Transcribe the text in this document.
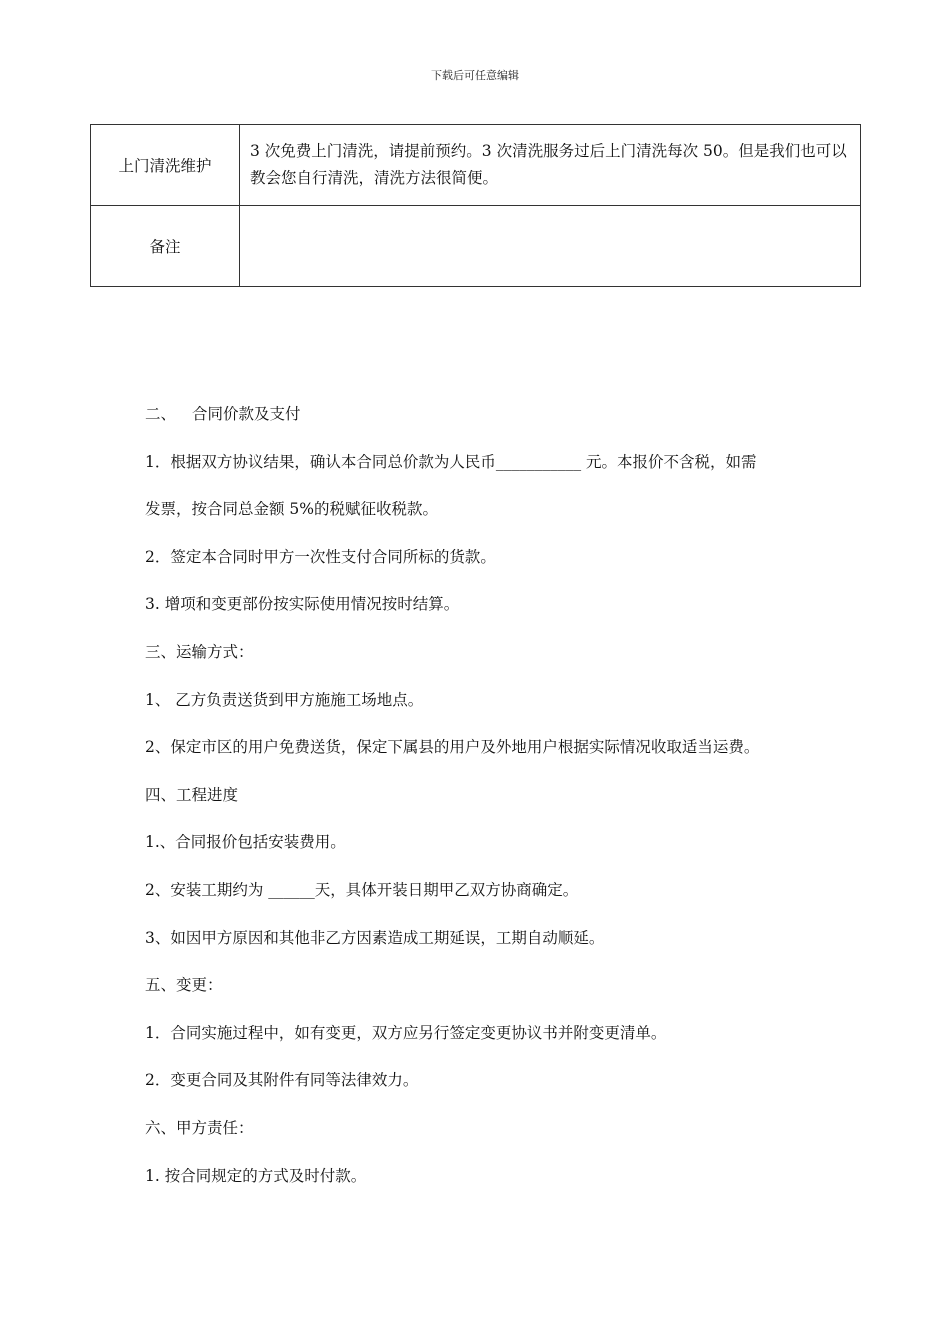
下载后可任意编辑
上门清洗维护	3 次免费上门清洗，请提前预约。3 次清洗服务过后上门清洗每次 50。但是我们也可以教会您自行清洗，清洗方法很简便。
备注	
二、 合同价款及支付
1．根据双方协议结果，确认本合同总价款为人民币___________ 元。本报价不含税，如需
发票，按合同总金额 5%的税赋征收税款。
2．签定本合同时甲方一次性支付合同所标的货款。
3. 增项和变更部份按实际使用情况按时结算。
三、运输方式：
1、 乙方负责送货到甲方施施工场地点。
2、保定市区的用户免费送货，保定下属县的用户及外地用户根据实际情况收取适当运费。
四、工程进度
1.、合同报价包括安装费用。
2、安装工期约为 ______天，具体开装日期甲乙双方协商确定。
3、如因甲方原因和其他非乙方因素造成工期延误，工期自动顺延。
五、变更：
1．合同实施过程中，如有变更，双方应另行签定变更协议书并附变更清单。
2．变更合同及其附件有同等法律效力。
六、甲方责任：
1. 按合同规定的方式及时付款。
